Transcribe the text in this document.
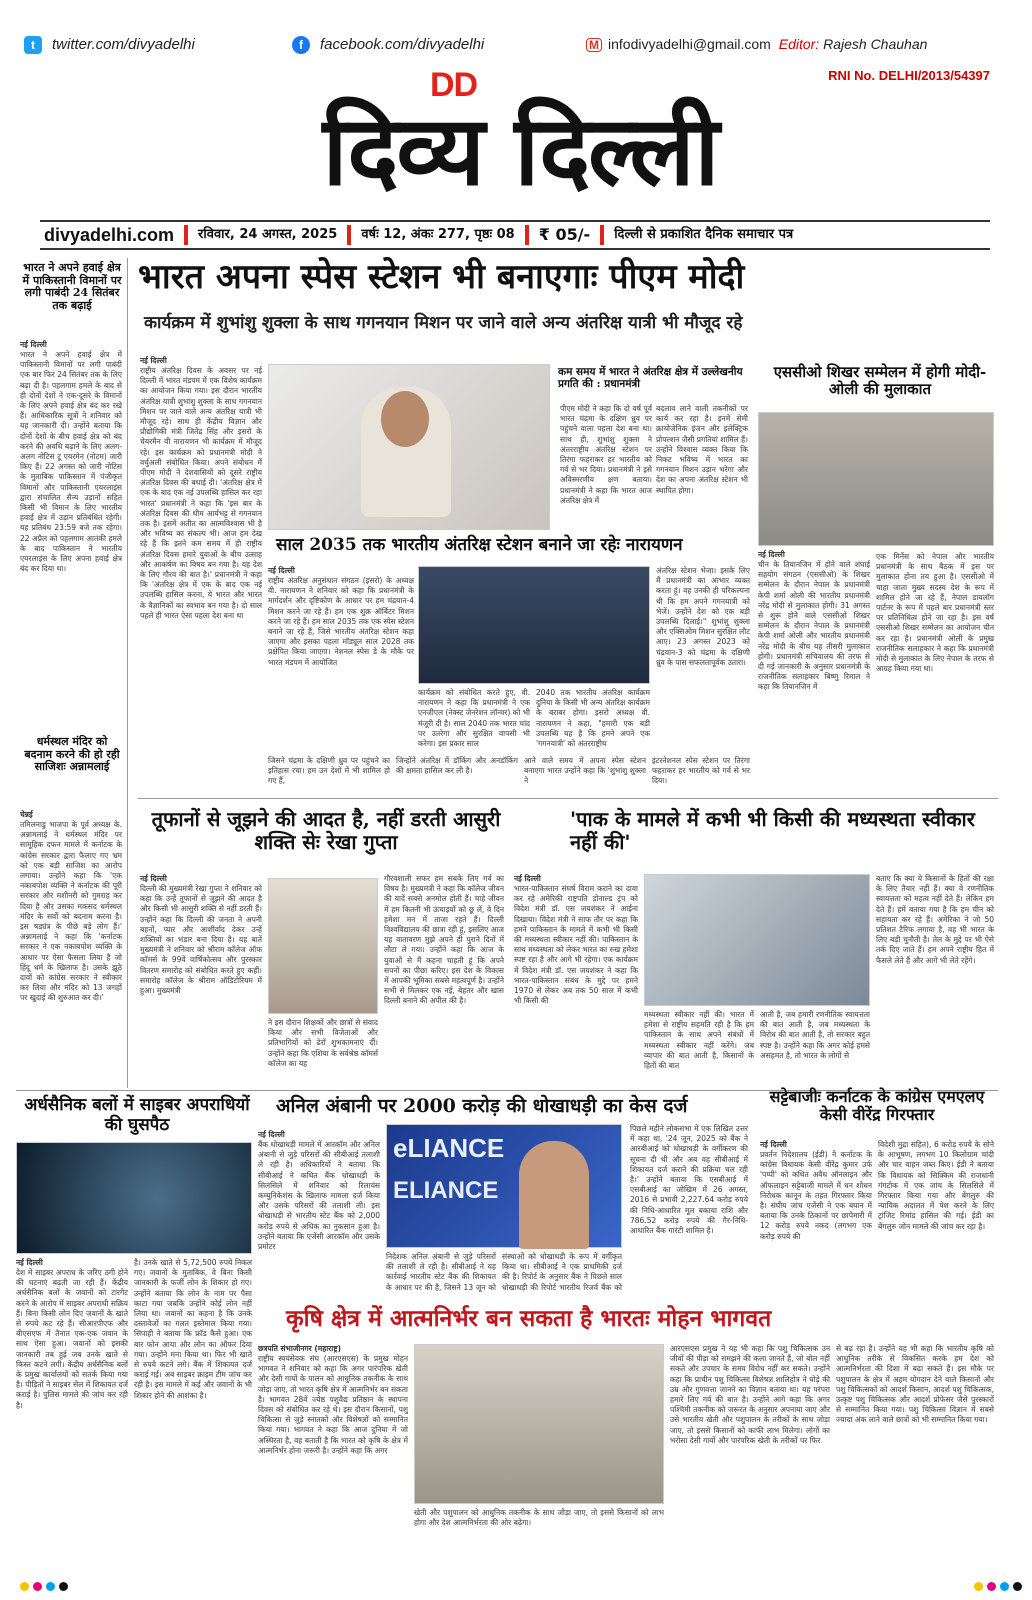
t twitter.com/divyadelhi	f facebook.com/divyadelhi	M infodivyadelhi@gmail.com Editor: Rajesh Chauhan
DD
दिव्य दिल्ली
RNI No. DELHI/2013/54397
divyadelhi.com	रविवार, 24 अगस्त, 2025	वर्षः 12, अंकः 277, पृष्ठः 08	₹ 05/-	दिल्ली से प्रकाशित दैनिक समाचार पत्र
भारत ने अपने हवाई क्षेत्र में पाकिस्तानी विमानों पर लगी पाबंदी 24 सितंबर तक बढ़ाई
नई दिल्ली
भारत ने अपने हवाई क्षेत्र में पाकिस्तानी विमानों पर लगी पाबंदी एक बार फिर 24 सितंबर तक के लिए बढ़ा दी है। पहलगाम हमले के बाद से ही दोनों देशों ने एक-दूसरे के विमानों के लिए अपने हवाई क्षेत्र बंद कर रखे हैं। आधिकारिक सूत्रों ने शनिवार को यह जानकारी दी। उन्होंने बताया कि दोनों देशों के बीच हवाई क्षेत्र को बंद करने की अवधि बढ़ाने के लिए अलग-अलग नोटिस टू एयरमेन (नोटम) जारी किए हैं। 22 अगस्त को जारी नोटिस के मुताबिक पाकिस्तान में पंजीकृत विमानों और पाकिस्तानी एयरलाइंस द्वारा संचालित सैन्य उड़ानों सहित किसी भी विमान के लिए भारतीय हवाई क्षेत्र में उड़ान प्रतिबंधित रहेगी। यह प्रतिबंध 23:59 बजे तक रहेगा। 22 अप्रैल को पहलगाम आतंकी हमले के बाद पाकिस्तान ने भारतीय एयरलाइंस के लिए अपना हवाई क्षेत्र बंद कर दिया था।
धर्मस्थल मंदिर को बदनाम करने की हो रही साजिशः अन्नामलाई
चेन्नई
तमिलनाडु भाजपा के पूर्व अध्यक्ष के. अन्नामलाई ने धर्मस्थल मंदिर पर सामूहिक दफन मामले में कर्नाटक के कांग्रेस सरकार द्वारा फैलाए गए भ्रम को एक बड़ी साजिश का आरोप लगाया। उन्होंने कहा कि 'एक नकाबपोश व्यक्ति ने कर्नाटक की पूरी सरकार और मशीनरी को गुमराह कर दिया है और उसका मकसद धर्मस्थल मंदिर के सर्वो को बदनाम करना है। इस षड्यंत्र के पीछे बड़े लोग हैं।' अन्नामलाई ने कहा कि 'कर्नाटक सरकार ने एक नकाबपोश व्यक्ति के आधार पर ऐसा फैसला लिया है जो हिंदू धर्म के खिलाफ है। उसके झूठे दावों को कांग्रेस सरकार ने स्वीकार कर लिया और मंदिर को 13 जगहों पर खुदाई की शुरुआत कर दी।'
भारत अपना स्पेस स्टेशन भी बनाएगाः पीएम मोदी
कार्यक्रम में शुभांशु शुक्ला के साथ गगनयान मिशन पर जाने वाले अन्य अंतरिक्ष यात्री भी मौजूद रहे
नई दिल्ली
राष्ट्रीय अंतरिक्ष दिवस के अवसर पर नई दिल्ली में भारत मंडपम में एक विशेष कार्यक्रम का आयोजन किया गया। इस दौरान भारतीय अंतरिक्ष यात्री शुभांशु शुक्ला के साथ गगनयान मिशन पर जाने वाले अन्य अंतरिक्ष यात्री भी मौजूद रहे। साथ ही केंद्रीय विज्ञान और प्रौद्योगिकी मंत्री जितेंद्र सिंह और इसरो के चेयरमैन वी नारायणन भी कार्यक्रम में मौजूद रहे। इस कार्यक्रम को प्रधानमंत्री मोदी ने वर्चुअली संबोधित किया। अपने संबोधन में पीएम मोदी ने देशवासियों को दूसरे राष्ट्रीय अंतरिक्ष दिवस की बधाई दी। 'अंतरिक्ष क्षेत्र में एक के बाद एक नई उपलब्धि हासिल कर रहा भारत' प्रधानमंत्री ने कहा कि 'इस बार के अंतरिक्ष दिवस की थीम आर्यभट्ट से गगनयान तक है। इसमें अतीत का आत्मविश्वास भी है और भविष्य का संकल्प भी। आज हम देख रहे हैं कि इतने कम समय में ही राष्ट्रीय अंतरिक्ष दिवस हमारे युवाओं के बीच उत्साह और आकर्षण का विषय बन गया है। यह देश के लिए गौरव की बात है।' प्रधानमंत्री ने कहा कि 'अंतरिक्ष क्षेत्र में एक के बाद एक नई उपलब्धि हासिल करना, ये भारत और भारत के वैज्ञानिकों का स्वभाव बन गया है। दो साल पहले ही भारत ऐसा पहला देश बना था
कम समय में भारत ने अंतरिक्ष क्षेत्र में उल्लेखनीय प्रगति की : प्रधानमंत्री
पीएम मोदी ने कहा कि दो वर्ष पूर्व भारत चंद्रमा के दक्षिण ध्रुव पर पहुंचने वाला पहला देश बना था। साथ ही, शुभांशु शुक्ला ने अंतरराष्ट्रीय अंतरिक्ष स्टेशन पर तिरंगा फहराकर हर भारतीय को गर्व से भर दिया। प्रधानमंत्री ने इसे अविस्मरणीय क्षण बताया। प्रधानमंत्री ने कहा कि भारत आज अंतरिक्ष क्षेत्र में
बदलाव लाने वाली तकनीकों पर कार्य कर रहा है। इनमें सेमी क्रायोजेनिक इंजन और इलेक्ट्रिक प्रोपल्शन जैसी प्रगतियां शामिल हैं। उन्होंने विश्वास व्यक्त किया कि निकट भविष्य में भारत का गगनयान मिशन उड़ान भरेगा और देश का अपना अंतरिक्ष स्टेशन भी स्थापित होगा।
साल 2035 तक भारतीय अंतरिक्ष स्टेशन बनाने जा रहेः नारायणन
नई दिल्ली
राष्ट्रीय अंतरिक्ष अनुसंधान संगठन (इसरो) के अध्यक्ष वी. नारायणन ने शनिवार को कहा कि प्रधानमंत्री के मार्गदर्शन और दृष्टिकोण के आधार पर हम चंद्रयान-4 मिशन करने जा रहे हैं। हम एक शुक्र ऑर्बिटर मिशन करने जा रहे हैं। हम साल 2035 तक एक स्पेस स्टेशन बनाने जा रहे हैं, जिसे भारतीय अंतरिक्ष स्टेशन कहा जाएगा और इसका पहला मॉड्यूल साल 2028 तक प्रक्षेपित किया जाएगा। नेशनल स्पेस डे के मौके पर भारत मंडपम में आयोजित
कार्यक्रम को संबोधित करते हुए, वी. नारायणन ने कहा कि प्रधानमंत्री ने एक एनजीएल (नेक्स्ट जेनरेशन लॉन्चर) को भी मंजूरी दी है। साल 2040 तक भारत चांद पर उतरेगा और सुरक्षित वापसी भी करेगा। इस प्रकार साल
2040 तक भारतीय अंतरिक्ष कार्यक्रम दुनिया के किसी भी अन्य अंतरिक्ष कार्यक्रम के बराबर होगा। इसरो अध्यक्ष वी. नारायणन ने कहा, "हमारी एक बड़ी उपलब्धि यह है कि हमने अपने एक 'गगनयात्री' को अंतरराष्ट्रीय
अंतरिक्ष स्टेशन भेजा। इसके लिए मैं प्रधानमंत्री का आभार व्यक्त करता हूं। वह उनकी ही परिकल्पना थी कि हम अपने गगनयात्री को भेजें। उन्होंने देश को एक बड़ी उपलब्धि दिलाई।" शुभांशु शुक्ला और एक्सिओम मिशन सुरक्षित लौट आए। 23 अगस्त 2023 को चंद्रयान-3 को चंद्रमा के दक्षिणी ध्रुव के पास सफलतापूर्वक उतारा।
जिसने चंद्रमा के दक्षिणी ध्रुव पर पहुंचने का इतिहास रचा। हम उन देशों में भी शामिल हो गए हैं,
जिन्होंने अंतरिक्ष में डॉकिंग और अनडॉकिंग की क्षमता हासिल कर ली है।
आने वाले समय में अपना स्पेस स्टेशन बनाएगा भारत उन्होंने कहा कि 'शुभांशु शुक्ला ने
इंटरनेशनल स्पेस स्टेशन पर तिरंगा फहराकर हर भारतीय को गर्व से भर दिया।
एससीओ शिखर सम्मेलन में होगी मोदी-ओली की मुलाकात
नई दिल्ली
चीन के तियानजिन में होने वाले शंघाई सहयोग संगठन (एससीओ) के शिखर सम्मेलन के दौरान नेपाल के प्रधानमंत्री केपी शर्मा ओली की भारतीय प्रधानमंत्री नरेंद्र मोदी से मुलाकात होगी। 31 अगस्त से शुरू होने वाले एससीओ शिखर सम्मेलन के दौरान नेपाल के प्रधानमंत्री केपी शर्मा ओली और भारतीय प्रधानमंत्री नरेंद्र मोदी के बीच यह तीसरी मुलाकात होगी। प्रधानमंत्री सचिवालय की तरफ से दी गई जानकारी के अनुसार प्रधानमंत्री के राजनीतिक सलाहकार बिष्णु रिमाल ने कहा कि तियानजिन में
एक मिनेंस को नेपाल और भारतीय प्रधानमंत्री के साथ बैठक में इस पर मुलाकात होना तय हुआ है। एससीओ में चाहा जाता मुख्य सदस्य देश के रूप में शामिल होने जा रहे हैं, नेपाल डायलॉग पार्टनर के रूप में पहले बार प्रधानमंत्री स्तर पर प्रतिनिधित्व होने जा रहा है। इस वर्ष एससीओ शिखर सम्मेलन का आयोजन चीन कर रहा है। प्रधानमंत्री ओली के प्रमुख राजनीतिक सलाहकार ने कहा कि प्रधानमंत्री मोदी से मुलाकात के लिए नेपाल के तरफ से आग्रह किया गया था।
तूफानों से जूझने की आदत है, नहीं डरती आसुरी शक्ति सेः रेखा गुप्ता
नई दिल्ली
दिल्ली की मुख्यमंत्री रेखा गुप्ता ने शनिवार को कहा कि उन्हें तूफानों से जूझने की आदत है और किसी भी आसुरी शक्ति से नहीं डरती हैं। उन्होंने कहा कि दिल्ली की जनता ने अपनी बहनों, प्यार और आशीर्वाद देकर उन्हें शक्तियों का भंडार बना दिया है। यह बातें मुख्यमंत्री ने शनिवार को श्रीराम कॉलेज ऑफ कॉमर्स के 99वें वार्षिकोत्सव और पुरस्कार वितरण समारोह को संबोधित करते हुए कहीं। समारोह कॉलेज के श्रीराम ऑडिटोरियम में हुआ। मुख्यमंत्री
ने इस दौरान शिक्षकों और छात्रों से संवाद किया और सभी विजेताओं और प्रतिभागियों को ढेरों शुभकामनाएं दीं। उन्होंने कहा कि एशिया के सर्वश्रेष्ठ कॉमर्स कॉलेज का यह
गौरवशाली सफर हम सबके लिए गर्व का विषय है। मुख्यमंत्री ने कहा कि कॉलेज जीवन की यादें सबसे अनमोल होती हैं। चाहे जीवन में हम कितनी भी ऊंचाइयों को छू लें, वे दिन हमेशा मन में ताजा रहते हैं। दिल्ली विश्वविद्यालय की छात्रा रही हूं, इसलिए आज यह वातावरण मुझे अपने ही पुराने दिनों में लौटा ले गया। उन्होंने कहा कि आज के युवाओं से मैं कहना चाहती हूं कि अपने सपनों का पीछा करिए। इस देश के विकास में आपकी भूमिका सबसे महत्वपूर्ण है। उन्होंने सभी से मिलकर एक नई, बेहतर और खास दिल्ली बनाने की अपील की है।
'पाक के मामले में कभी भी किसी की मध्यस्थता स्वीकार नहीं की'
नई दिल्ली
भारत-पाकिस्तान संघर्ष विराम कराने का दावा कर रहे अमेरिकी राष्ट्रपति डोनाल्ड ट्रंप को विदेश मंत्री डॉ. एस जयशंकर ने आईना दिखाया। विदेश मंत्री ने साफ तौर पर कहा कि हमने पाकिस्तान के मामले में कभी भी किसी की मध्यस्थता स्वीकार नहीं की। पाकिस्तान के साथ मध्यस्थता को लेकर भारत का रुख हमेशा स्पष्ट रहा है और आगे भी रहेगा। एक कार्यक्रम में विदेश मंत्री डॉ. एस जयशंकर ने कहा कि भारत-पाकिस्तान संबंध के मुद्दे पर हमने 1970 से लेकर अब तक 50 साल में कभी भी किसी की
मध्यस्थता स्वीकार नहीं की। भारत में हमेशा से राष्ट्रीय सहमति रही है कि हम पाकिस्तान के साथ अपने संबंधों में मध्यस्थता स्वीकार नहीं करेंगे। जब व्यापार की बात आती है, किसानों के हितों की बात
आती है, जब हमारी रणनीतिक स्वायत्तता की बात आती है, जब मध्यस्थता के विरोध की बात आती है, तो सरकार बहुत स्पष्ट है। उन्होंने कहा कि अगर कोई हमसे असहमत है, तो भारत के लोगों से
बताए कि क्या ये किसानों के हितों की रक्षा के लिए तैयार नहीं हैं। क्या वे रणनीतिक स्वायत्तता को महत्व नहीं देते हैं। लेकिन हम देते हैं। हमें बताया गया है कि हम चीन को सहायता कर रहे हैं। अमेरिका ने जो 50 प्रतिशत टैरिफ लगाया है, वह भी भारत के लिए बड़ी चुनौती है। तेल के मुद्दे पर भी ऐसे तर्क दिए जाते हैं। हम अपने राष्ट्रीय हित में फैसले लेते हैं और आगे भी लेते रहेंगे।
अर्धसैनिक बलों में साइबर अपराधियों की घुसपैठ
नई दिल्ली
देश में साइबर अपराध के जरिए ठगी होने की घटनाएं बढ़ती जा रही हैं। केंद्रीय अर्धसैनिक बलों के जवानों को टारगेट करने के आरोप में साइबर अपराधी सक्रिय हैं। बिना किसी लोन दिए जवानों के खाते से रुपये कट रहे हैं। सीआरपीएफ और बीएसएफ में तैनात एक-एक जवान के साथ ऐसा हुआ। जवानों को इसकी जानकारी तब हुई जब उनके खाते से किस्त कटने लगी। केंद्रीय अर्धसैनिक बलों के प्रमुख कार्यालयों को सतर्क किया गया है। पीड़ितों ने साइबर सेल में शिकायत दर्ज कराई है। पुलिस मामले की जांच कर रही है।
है। उनके खाते से 5,72,500 रुपये निकल गए। जवानों के मुताबिक, वे बिना किसी जानकारी के फर्जी लोन के शिकार हो गए। उन्होंने बताया कि लोन के नाम पर पैसा काटा गया जबकि उन्होंने कोई लोन नहीं लिया था। जवानों का कहना है कि उनके दस्तावेजों का गलत इस्तेमाल किया गया। सिपाही ने बताया कि फ्रॉड कैसे हुआ। एक बार फोन आया और लोन का ऑफर दिया गया। उन्होंने मना किया था। फिर भी खाते से रुपये कटने लगे। बैंक में शिकायत दर्ज कराई गई। अब साइबर क्राइम टीम जांच कर रही है। इस मामले में कई और जवानों के भी शिकार होने की आशंका है।
अनिल अंबानी पर 2000 करोड़ की धोखाधड़ी का केस दर्ज
नई दिल्ली
बैंक धोखाधड़ी मामले में आरकॉम और अनिल अंबानी से जुड़े परिसरों की सीबीआई तलाशी ले रही है। अधिकारियों ने बताया कि सीबीआई ने कथित बैंक धोखाधड़ी के सिलसिले में शनिवार को रिलायंस कम्युनिकेशंस के खिलाफ मामला दर्ज किया और उसके परिसरों की तलाशी ली। इस धोखाधड़ी से भारतीय स्टेट बैंक को 2,000 करोड़ रुपये से अधिक का नुकसान हुआ है। उन्होंने बताया कि एजेंसी आरकॉम और उसके प्रमोटर
eLIANCE
ELIANCE
निदेशक अनिल अंबानी से जुड़े परिसरों की तलाशी ले रही है। सीबीआई ने यह कार्रवाई भारतीय स्टेट बैंक की शिकायत के आधार पर की है, जिसने 13 जून को
संस्थाओं को धोखाधड़ी के रूप में वर्गीकृत किया था। सीबीआई ने एक प्राथमिकी दर्ज की है। रिपोर्ट के अनुसार बैंक ने पिछले साल धोखाधड़ी की रिपोर्ट भारतीय रिजर्व बैंक को
पिछले महीने लोकसभा में एक लिखित उत्तर में कहा था, '24 जून, 2025 को बैंक ने आरबीआई को धोखाधड़ी के वर्गीकरण की सूचना दी थी और अब वह सीबीआई में शिकायत दर्ज कराने की प्रक्रिया चल रही है।' उन्होंने बताया कि एसबीआई में एसबीआई का जोखिम में 26 अगस्त, 2016 से प्रभावी 2,227.64 करोड़ रुपये की निधि-आधारित मूल बकाया राशि और 786.52 करोड़ रुपये की गैर-निधि-आधारित बैंक गारंटी शामिल है।
सट्टेबाजीः कर्नाटक के कांग्रेस एमएलए केसी वीरेंद्र गिरफ्तार
नई दिल्ली
प्रवर्तन निदेशालय (ईडी) ने कर्नाटक के कांग्रेस विधायक केसी वीरेंद्र कुमार उर्फ 'पप्पी' को कथित अवैध ऑनलाइन और ऑफलाइन सट्टेबाजी मामले में धन शोधन निरोधक कानून के तहत गिरफ्तार किया है। संघीय जांच एजेंसी ने एक बयान में बताया कि उनके ठिकानों पर छापेमारी में 12 करोड़ रुपये नकद (लगभग एक करोड़ रुपये की
विदेशी मुद्रा सहित), 6 करोड़ रुपये के सोने के आभूषण, लगभग 10 किलोग्राम चांदी और चार वाहन जब्त किए। ईडी ने बताया कि विधायक को सिक्किम की राजधानी गंगटोक में एक जांच के सिलसिले में गिरफ्तार किया गया और बेंगलुरु की न्यायिक अदालत में पेश करने के लिए ट्रांजिट रिमांड हासिल की गई। ईडी का बेंगलुरु जोन मामले की जांच कर रहा है।
कृषि क्षेत्र में आत्मनिर्भर बन सकता है भारतः मोहन भागवत
छत्रपति संभाजीनगर (महाराष्ट्र)
राष्ट्रीय स्वयंसेवक संघ (आरएसएस) के प्रमुख मोहन भागवत ने शनिवार को कहा कि अगर पारंपरिक खेती और देसी गायों के पालन को आधुनिक तकनीक के साथ जोड़ा जाए, तो भारत कृषि क्षेत्र में आत्मनिर्भर बन सकता है। भागवत 28वें ज्येष्ठ पशुवैद्य प्रतिष्ठान के स्थापना दिवस को संबोधित कर रहे थे। इस दौरान किसानों, पशु चिकित्सा से जुड़े स्नातकों और विशेषज्ञों को सम्मानित किया गया। भागवत ने कहा कि आज दुनिया में जो अस्थिरता है, वह बताती है कि भारत को कृषि के क्षेत्र में आत्मनिर्भर होना जरूरी है। उन्होंने कहा कि अगर
खेती और पशुपालन को आधुनिक तकनीक के साथ जोड़ा जाए, तो इससे किसानों को लाभ होगा और देश आत्मनिर्भरता की ओर बढ़ेगा।
आरएसएस प्रमुख ने यह भी कहा कि पशु चिकित्सक उन जीवों की पीड़ा को समझने की कला जानते हैं, जो बोल नहीं सकते और उपचार के समय विरोध नहीं कर सकते। उन्होंने कहा कि प्राचीन पशु चिकित्सा विशेषज्ञ शालिहोत्र ने घोड़े की उम्र और गुणवत्ता जानने का विज्ञान बताया था। यह परंपरा हमारे लिए गर्व की बात है। उन्होंने आगे कहा कि अगर पश्चिमी तकनीक को जरूरत के अनुसार अपनाया जाए और उसे भारतीय खेती और पशुपालन के तरीकों के साथ जोड़ा जाए, तो इससे किसानों को काफी लाभ मिलेगा। लोगों का भरोसा देसी गायों और पारंपरिक खेती के तरीकों पर फिर
से बढ़ रहा है। उन्होंने यह भी कहा कि भारतीय कृषि को आधुनिक तरीके से विकसित करके हम देश को आत्मनिर्भरता की दिशा में बढ़ा सकते हैं। इस मौके पर पशुपालन के क्षेत्र में अहम योगदान देने वाले किसानों और पशु चिकित्सकों को आदर्श किसान, आदर्श पशु चिकित्सक, उत्कृष्ट पशु चिकित्सक और आदर्श प्रोफेसर जैसे पुरस्कारों से सम्मानित किया गया। पशु चिकित्सा विज्ञान में सबसे ज्यादा अंक लाने वाले छात्रों को भी सम्मानित किया गया।
